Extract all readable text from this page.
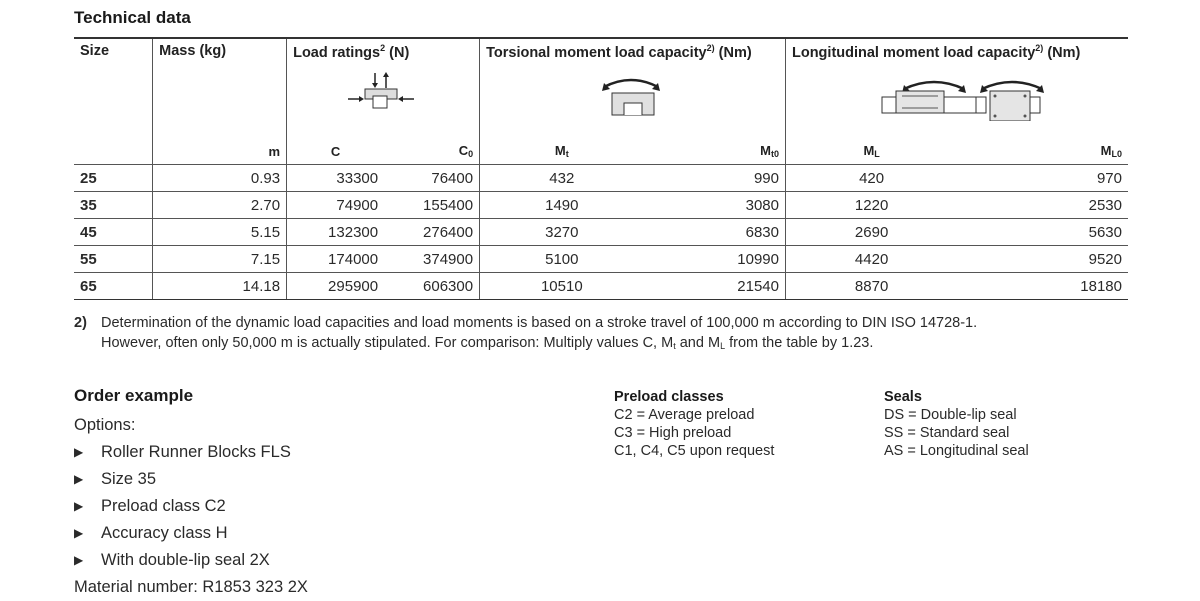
Technical data
Size	Mass (kg)	Load ratings$^2$ (N)		Torsional moment load capacity$^{2)}$ (Nm)		Longitudinal moment load capacity$^{2)}$ (Nm)	

	m	C	$C_0$	$M_t$	$M_{t0}$	$M_L$	$M_{L0}$
25	0.93	33300	76400	432	990	420	970
35	2.70	74900	155400	1490	3080	1220	2530
45	5.15	132300	276400	3270	6830	2690	5630
55	7.15	174000	374900	5100	10990	4420	9520
65	14.18	295900	606300	10510	21540	8870	18180
2) Determination of the dynamic load capacities and load moments is based on a stroke travel of 100,000 m according to DIN ISO 14728-1.
However, often only 50,000 m is actually stipulated. For comparison: Multiply values C, $M_t$ and $M_L$ from the table by 1.23.
Order example
Options:
▶ Roller Runner Blocks FLS
▶ Size 35
▶ Preload class C2
▶ Accuracy class H
▶ With double-lip seal 2X
Material number: R1853 323 2X
Preload classes
C2 = Average preload
C3 = High preload
C1, C4, C5 upon request
Seals
DS = Double-lip seal
SS = Standard seal
AS = Longitudinal seal
